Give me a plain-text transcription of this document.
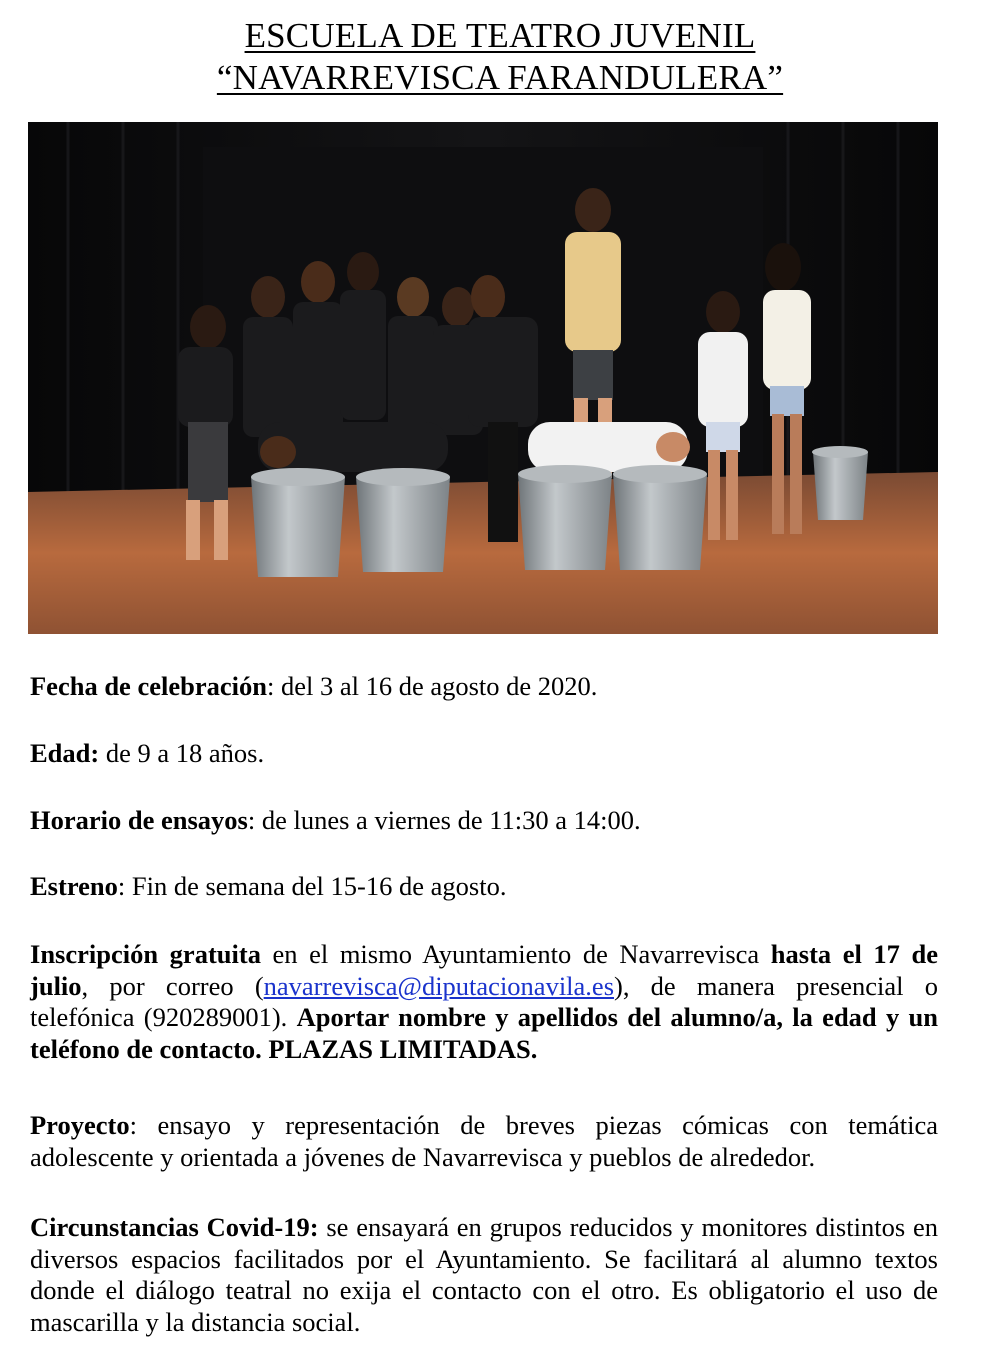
ESCUELA DE TEATRO JUVENIL
“NAVARREVISCA FARANDULERA”
Fecha de celebración: del 3 al 16 de agosto de 2020.
Edad: de 9 a 18 años.
Horario de ensayos: de lunes a viernes de 11:30 a 14:00.
Estreno: Fin de semana del 15-16 de agosto.
Inscripción gratuita en el mismo Ayuntamiento de Navarrevisca hasta el 17 de julio, por correo (navarrevisca@diputacionavila.es), de manera presencial o telefónica (920289001). Aportar nombre y apellidos del alumno/a, la edad y un teléfono de contacto. PLAZAS LIMITADAS.
Proyecto: ensayo y representación de breves piezas cómicas con temática adolescente y orientada a jóvenes de Navarrevisca y pueblos de alrededor.
Circunstancias Covid-19: se ensayará en grupos reducidos y monitores distintos en diversos espacios facilitados por el Ayuntamiento. Se facilitará al alumno textos donde el diálogo teatral no exija el contacto con el otro. Es obligatorio el uso de mascarilla y la distancia social.
